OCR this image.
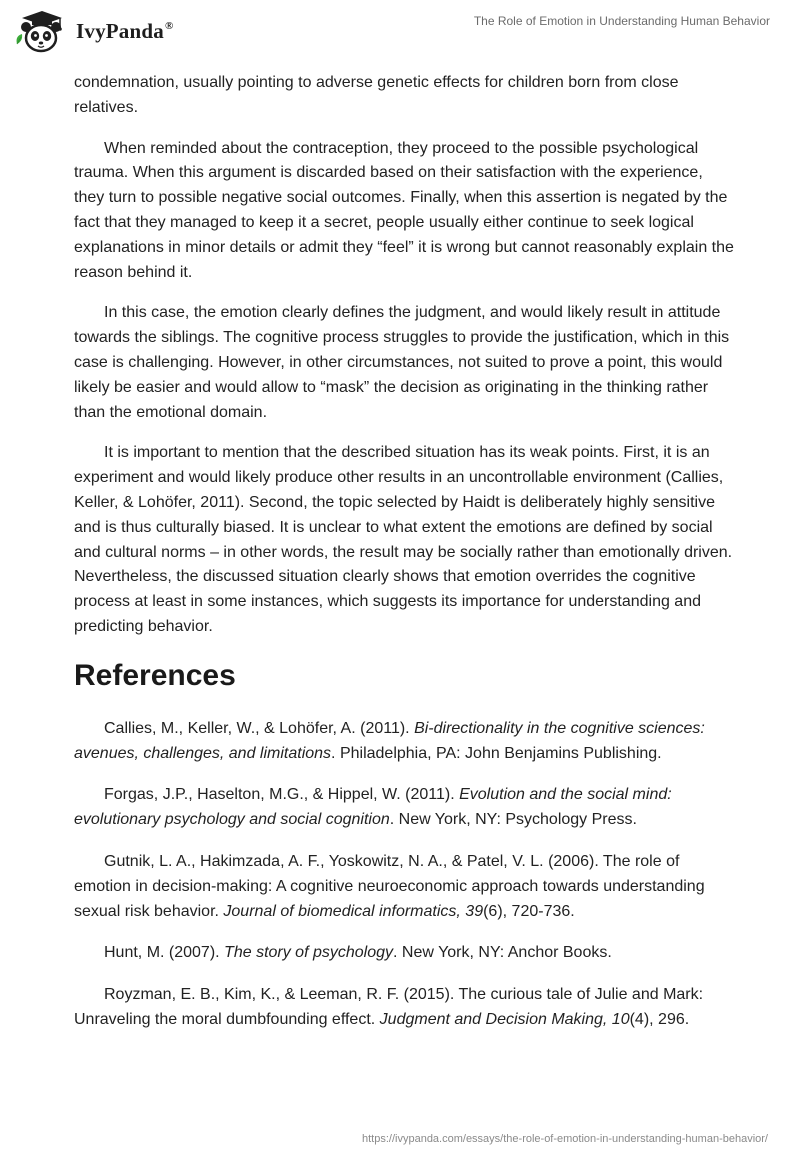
IvyPanda®	The Role of Emotion in Understanding Human Behavior

condemnation, usually pointing to adverse genetic effects for children born from close relatives.

When reminded about the contraception, they proceed to the possible psychological trauma. When this argument is discarded based on their satisfaction with the experience, they turn to possible negative social outcomes. Finally, when this assertion is negated by the fact that they managed to keep it a secret, people usually either continue to seek logical explanations in minor details or admit they “feel” it is wrong but cannot reasonably explain the reason behind it.

In this case, the emotion clearly defines the judgment, and would likely result in attitude towards the siblings. The cognitive process struggles to provide the justification, which in this case is challenging. However, in other circumstances, not suited to prove a point, this would likely be easier and would allow to “mask” the decision as originating in the thinking rather than the emotional domain.

It is important to mention that the described situation has its weak points. First, it is an experiment and would likely produce other results in an uncontrollable environment (Callies, Keller, & Lohöfer, 2011). Second, the topic selected by Haidt is deliberately highly sensitive and is thus culturally biased. It is unclear to what extent the emotions are defined by social and cultural norms – in other words, the result may be socially rather than emotionally driven. Nevertheless, the discussed situation clearly shows that emotion overrides the cognitive process at least in some instances, which suggests its importance for understanding and predicting behavior.

References

Callies, M., Keller, W., & Lohöfer, A. (2011). Bi-directionality in the cognitive sciences: avenues, challenges, and limitations. Philadelphia, PA: John Benjamins Publishing.

Forgas, J.P., Haselton, M.G., & Hippel, W. (2011). Evolution and the social mind: evolutionary psychology and social cognition. New York, NY: Psychology Press.

Gutnik, L. A., Hakimzada, A. F., Yoskowitz, N. A., & Patel, V. L. (2006). The role of emotion in decision-making: A cognitive neuroeconomic approach towards understanding sexual risk behavior. Journal of biomedical informatics, 39(6), 720-736.

Hunt, M. (2007). The story of psychology. New York, NY: Anchor Books.

Royzman, E. B., Kim, K., & Leeman, R. F. (2015). The curious tale of Julie and Mark: Unraveling the moral dumbfounding effect. Judgment and Decision Making, 10(4), 296.

https://ivypanda.com/essays/the-role-of-emotion-in-understanding-human-behavior/
